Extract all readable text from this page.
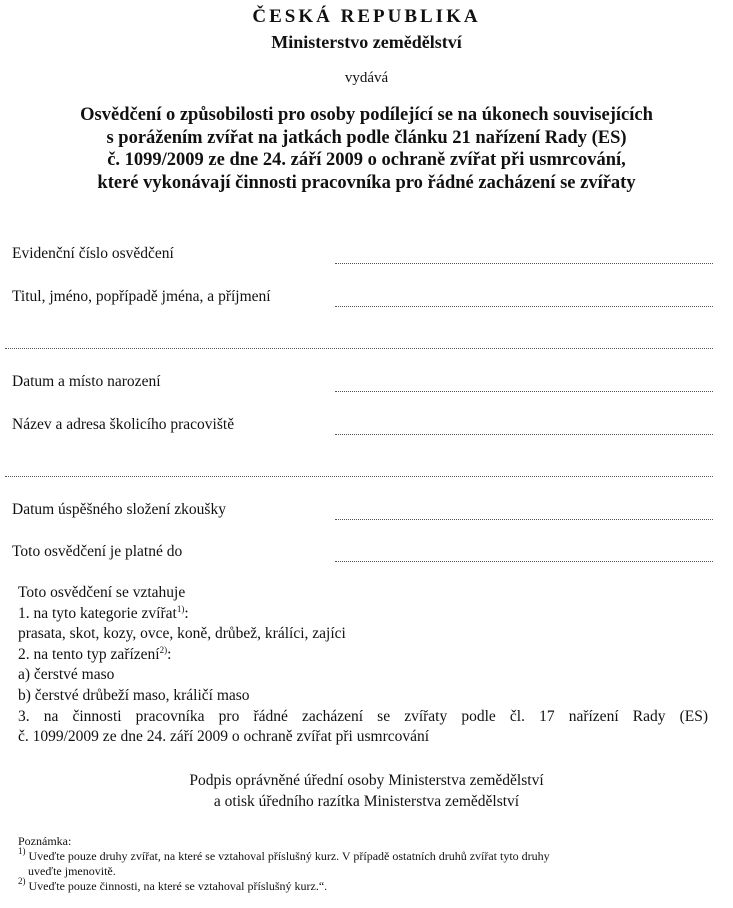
ČESKÁ REPUBLIKA
Ministerstvo zemědělství
vydává
Osvědčení o způsobilosti pro osoby podílející se na úkonech souvisejících
s porážením zvířat na jatkách podle článku 21 nařízení Rady (ES)
č. 1099/2009 ze dne 24. září 2009 o ochraně zvířat při usmrcování,
které vykonávají činnosti pracovníka pro řádné zacházení se zvířaty
Evidenční číslo osvědčení
Titul, jméno, popřípadě jména, a příjmení
Datum a místo narození
Název a adresa školicího pracoviště
Datum úspěšného složení zkoušky
Toto osvědčení je platné do
Toto osvědčení se vztahuje
1. na tyto kategorie zvířat$^{1)}$:
prasata, skot, kozy, ovce, koně, drůbež, králíci, zajíci
2. na tento typ zařízení$^{2)}$:
a) čerstvé maso
b) čerstvé drůbeží maso, králičí maso
3. na činnosti pracovníka pro řádné zacházení se zvířaty podle čl. 17 nařízení Rady (ES)
č. 1099/2009 ze dne 24. září 2009 o ochraně zvířat při usmrcování
Podpis oprávněné úřední osoby Ministerstva zemědělství
a otisk úředního razítka Ministerstva zemědělství
Poznámka:
$^{1)}$ Uveďte pouze druhy zvířat, na které se vztahoval příslušný kurz. V případě ostatních druhů zvířat tyto druhy
uveďte jmenovitě.
$^{2)}$ Uveďte pouze činnosti, na které se vztahoval příslušný kurz.“.
